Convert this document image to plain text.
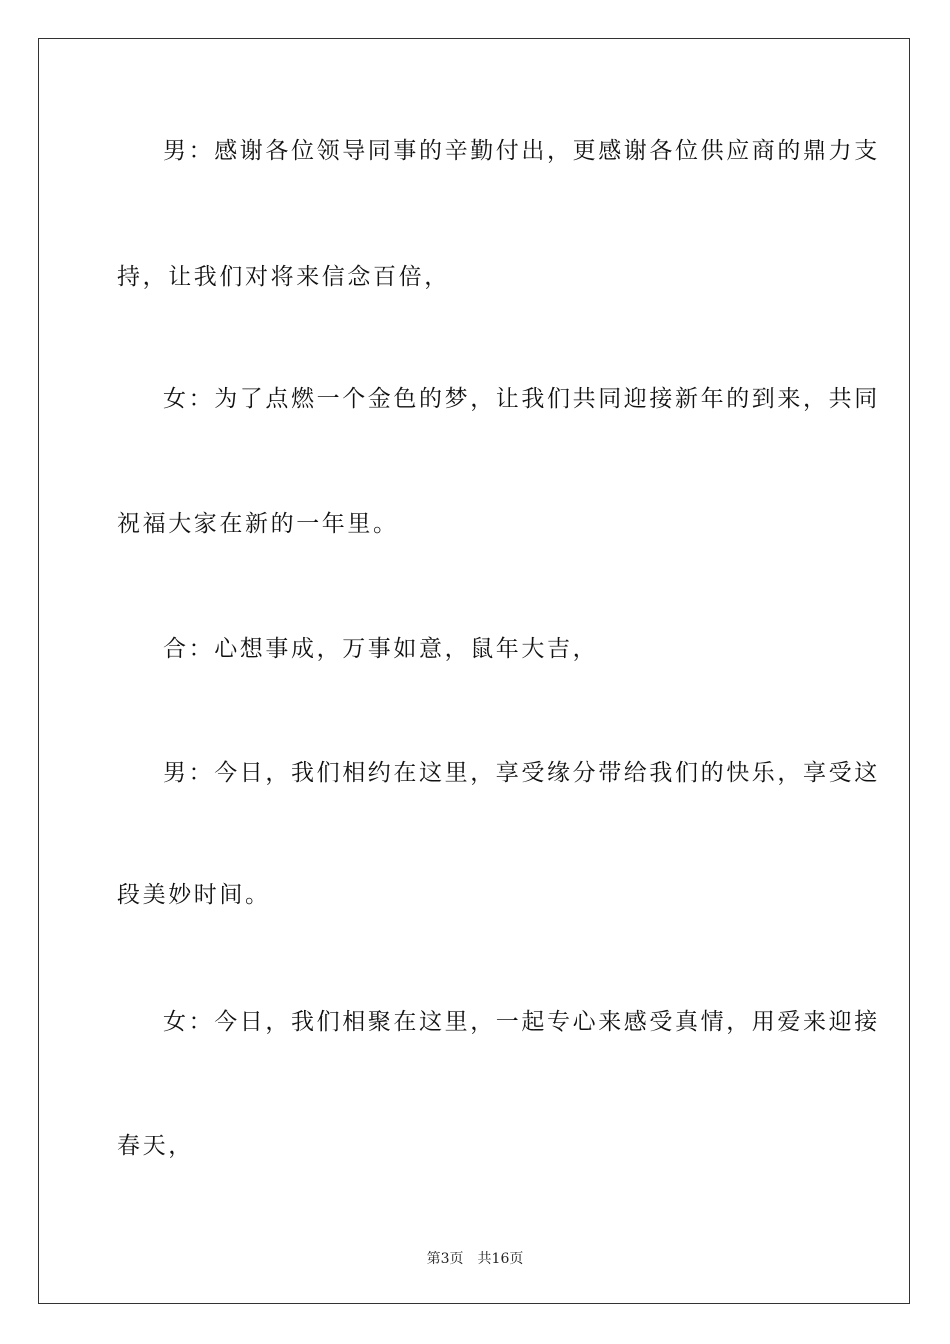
男：感谢各位领导同事的辛勤付出，更感谢各位供应商的鼎力支
持，让我们对将来信念百倍，
女：为了点燃一个金色的梦，让我们共同迎接新年的到来，共同
祝福大家在新的一年里。
合：心想事成，万事如意，鼠年大吉，
男：今日，我们相约在这里，享受缘分带给我们的快乐，享受这
段美妙时间。
女：今日，我们相聚在这里，一起专心来感受真情，用爱来迎接
春天，
第3页 共16页
